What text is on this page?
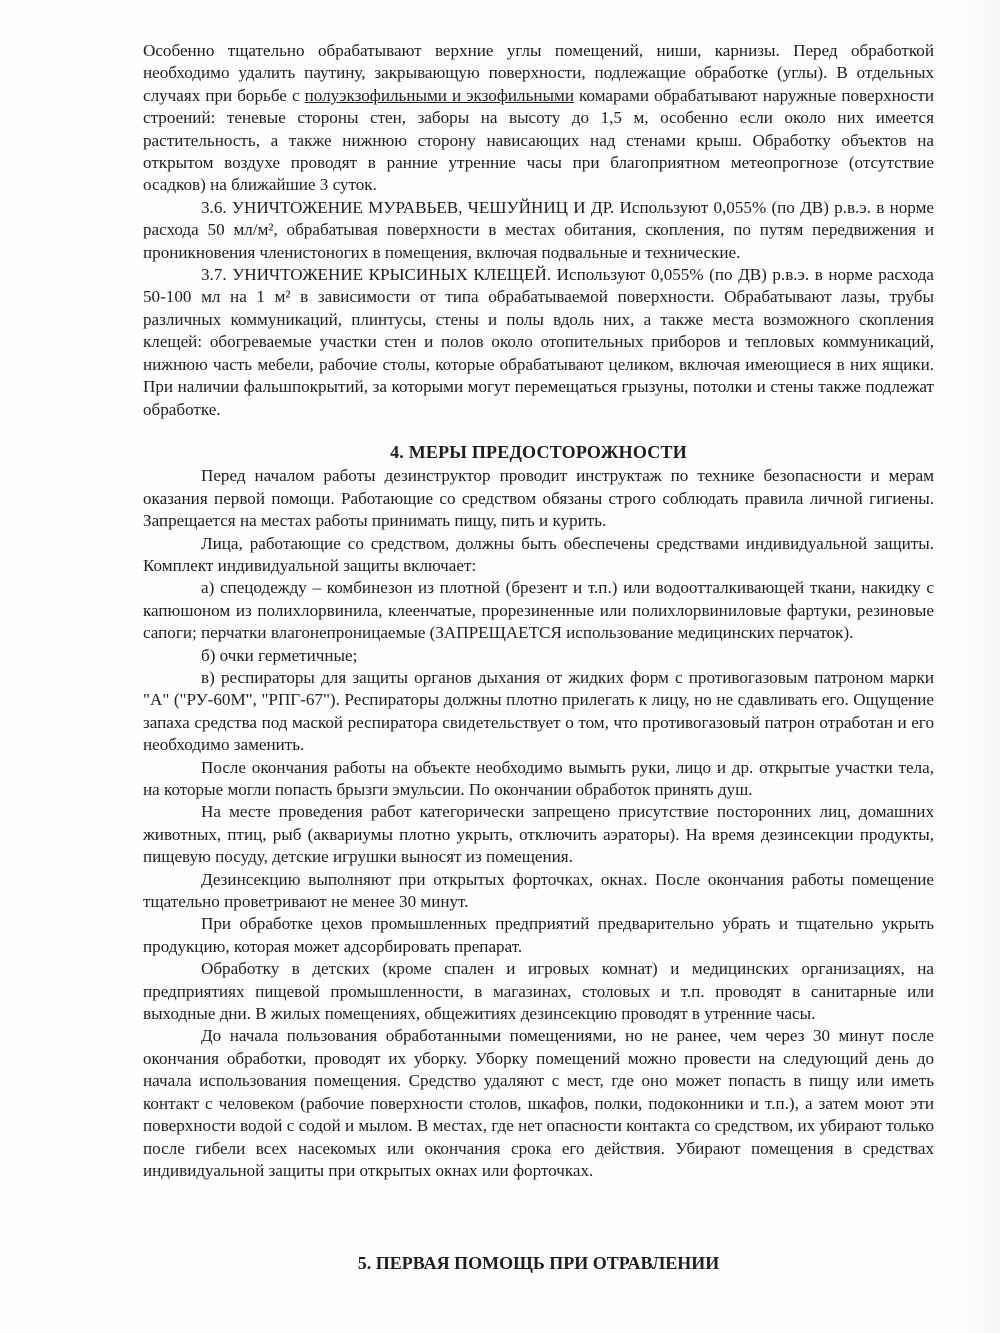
Особенно тщательно обрабатывают верхние углы помещений, ниши, карнизы. Перед обработкой необходимо удалить паутину, закрывающую поверхности, подлежащие обработке (углы). В отдельных случаях при борьбе с полуэкзофильными и экзофильными комарами обрабатывают наружные поверхности строений: теневые стороны стен, заборы на высоту до 1,5 м, особенно если около них имеется растительность, а также нижнюю сторону нависающих над стенами крыш. Обработку объектов на открытом воздухе проводят в ранние утренние часы при благоприятном метеопрогнозе (отсутствие осадков) на ближайшие 3 суток.

3.6. УНИЧТОЖЕНИЕ МУРАВЬЕВ, ЧЕШУЙНИЦ И ДР. Используют 0,055% (по ДВ) р.в.э. в норме расхода 50 мл/м², обрабатывая поверхности в местах обитания, скопления, по путям передвижения и проникновения членистоногих в помещения, включая подвальные и технические.

3.7. УНИЧТОЖЕНИЕ КРЫСИНЫХ КЛЕЩЕЙ. Используют 0,055% (по ДВ) р.в.э. в норме расхода 50-100 мл на 1 м² в зависимости от типа обрабатываемой поверхности. Обрабатывают лазы, трубы различных коммуникаций, плинтусы, стены и полы вдоль них, а также места возможного скопления клещей: обогреваемые участки стен и полов около отопительных приборов и тепловых коммуникаций, нижнюю часть мебели, рабочие столы, которые обрабатывают целиком, включая имеющиеся в них ящики. При наличии фальшпокрытий, за которыми могут перемещаться грызуны, потолки и стены также подлежат обработке.

4. МЕРЫ ПРЕДОСТОРОЖНОСТИ

Перед началом работы дезинструктор проводит инструктаж по технике безопасности и мерам оказания первой помощи. Работающие со средством обязаны строго соблюдать правила личной гигиены. Запрещается на местах работы принимать пищу, пить и курить.

Лица, работающие со средством, должны быть обеспечены средствами индивидуальной защиты. Комплект индивидуальной защиты включает:

а) спецодежду – комбинезон из плотной (брезент и т.п.) или водоотталкивающей ткани, накидку с капюшоном из полихлорвинила, клеенчатые, прорезиненные или полихлорвиниловые фартуки, резиновые сапоги; перчатки влагонепроницаемые (ЗАПРЕЩАЕТСЯ использование медицинских перчаток).

б) очки герметичные;

в) респираторы для защиты органов дыхания от жидких форм с противогазовым патроном марки "А" ("РУ-60М", "РПГ-67"). Респираторы должны плотно прилегать к лицу, но не сдавливать его. Ощущение запаха средства под маской респиратора свидетельствует о том, что противогазовый патрон отработан и его необходимо заменить.

После окончания работы на объекте необходимо вымыть руки, лицо и др. открытые участки тела, на которые могли попасть брызги эмульсии. По окончании обработок принять душ.

На месте проведения работ категорически запрещено присутствие посторонних лиц, домашних животных, птиц, рыб (аквариумы плотно укрыть, отключить аэраторы). На время дезинсекции продукты, пищевую посуду, детские игрушки выносят из помещения.

Дезинсекцию выполняют при открытых форточках, окнах. После окончания работы помещение тщательно проветривают не менее 30 минут.

При обработке цехов промышленных предприятий предварительно убрать и тщательно укрыть продукцию, которая может адсорбировать препарат.

Обработку в детских (кроме спален и игровых комнат) и медицинских организациях, на предприятиях пищевой промышленности, в магазинах, столовых и т.п. проводят в санитарные или выходные дни. В жилых помещениях, общежитиях дезинсекцию проводят в утренние часы.

До начала пользования обработанными помещениями, но не ранее, чем через 30 минут после окончания обработки, проводят их уборку. Уборку помещений можно провести на следующий день до начала использования помещения. Средство удаляют с мест, где оно может попасть в пищу или иметь контакт с человеком (рабочие поверхности столов, шкафов, полки, подоконники и т.п.), а затем моют эти поверхности водой с содой и мылом. В местах, где нет опасности контакта со средством, их убирают только после гибели всех насекомых или окончания срока его действия. Убирают помещения в средствах индивидуальной защиты при открытых окнах или форточках.

5. ПЕРВАЯ ПОМОЩЬ ПРИ ОТРАВЛЕНИИ
